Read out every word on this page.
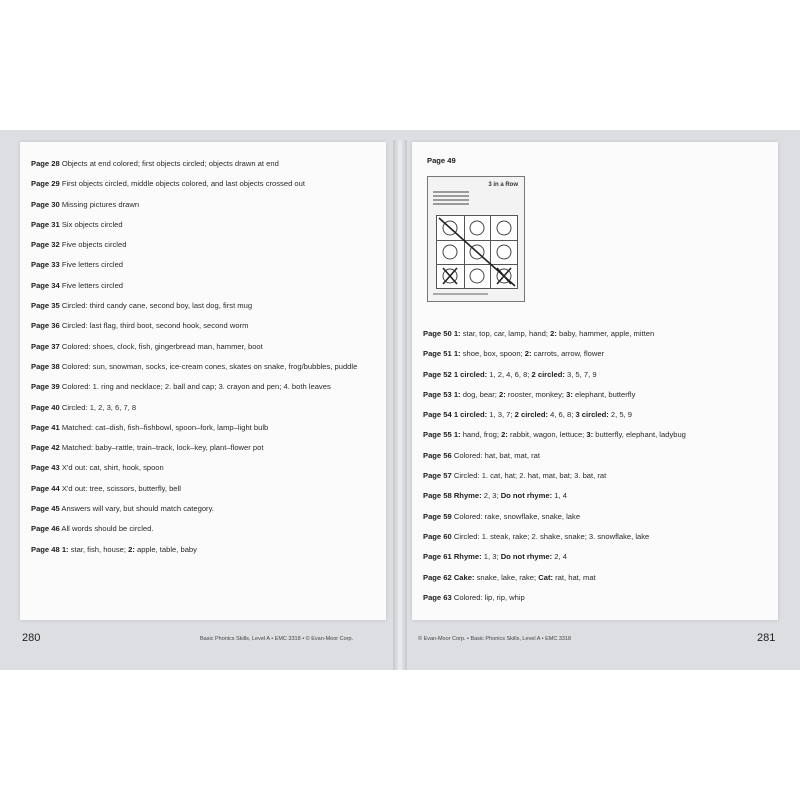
Page 28 Objects at end colored; first objects circled; objects drawn at end
Page 29 First objects circled, middle objects colored, and last objects crossed out
Page 30 Missing pictures drawn
Page 31 Six objects circled
Page 32 Five objects circled
Page 33 Five letters circled
Page 34 Five letters circled
Page 35 Circled: third candy cane, second boy, last dog, first mug
Page 36 Circled: last flag, third boot, second hook, second worm
Page 37 Colored: shoes, clock, fish, gingerbread man, hammer, boot
Page 38 Colored: sun, snowman, socks, ice-cream cones, skates on snake, frog/bubbles, puddle
Page 39 Colored: 1. ring and necklace; 2. ball and cap; 3. crayon and pen; 4. both leaves
Page 40 Circled: 1, 2, 3, 6, 7, 8
Page 41 Matched: cat–dish, fish–fishbowl, spoon–fork, lamp–light bulb
Page 42 Matched: baby–rattle, train–track, lock–key, plant–flower pot
Page 43 X'd out: cat, shirt, hook, spoon
Page 44 X'd out: tree, scissors, butterfly, bell
Page 45 Answers will vary, but should match category.
Page 46 All words should be circled.
Page 48 1: star, fish, house; 2: apple, table, baby
Page 49
3 in a Row
Page 50 1: star, top, car, lamp, hand; 2: baby, hammer, apple, mitten
Page 51 1: shoe, box, spoon; 2: carrots, arrow, flower
Page 52 1 circled: 1, 2, 4, 6, 8; 2 circled: 3, 5, 7, 9
Page 53 1: dog, bear; 2: rooster, monkey; 3: elephant, butterfly
Page 54 1 circled: 1, 3, 7; 2 circled: 4, 6, 8; 3 circled: 2, 5, 9
Page 55 1: hand, frog; 2: rabbit, wagon, lettuce; 3: butterfly, elephant, ladybug
Page 56 Colored: hat, bat, mat, rat
Page 57 Circled: 1. cat, hat; 2. hat, mat, bat; 3. bat, rat
Page 58 Rhyme: 2, 3; Do not rhyme: 1, 4
Page 59 Colored: rake, snowflake, snake, lake
Page 60 Circled: 1. steak, rake; 2. shake, snake; 3. snowflake, lake
Page 61 Rhyme: 1, 3; Do not rhyme: 2, 4
Page 62 Cake: snake, lake, rake; Cat: rat, hat, mat
Page 63 Colored: lip, rip, whip
280	Basic Phonics Skills, Level A • EMC 3318 • © Evan-Moor Corp.	© Evan-Moor Corp. • Basic Phonics Skills, Level A • EMC 3318	281
